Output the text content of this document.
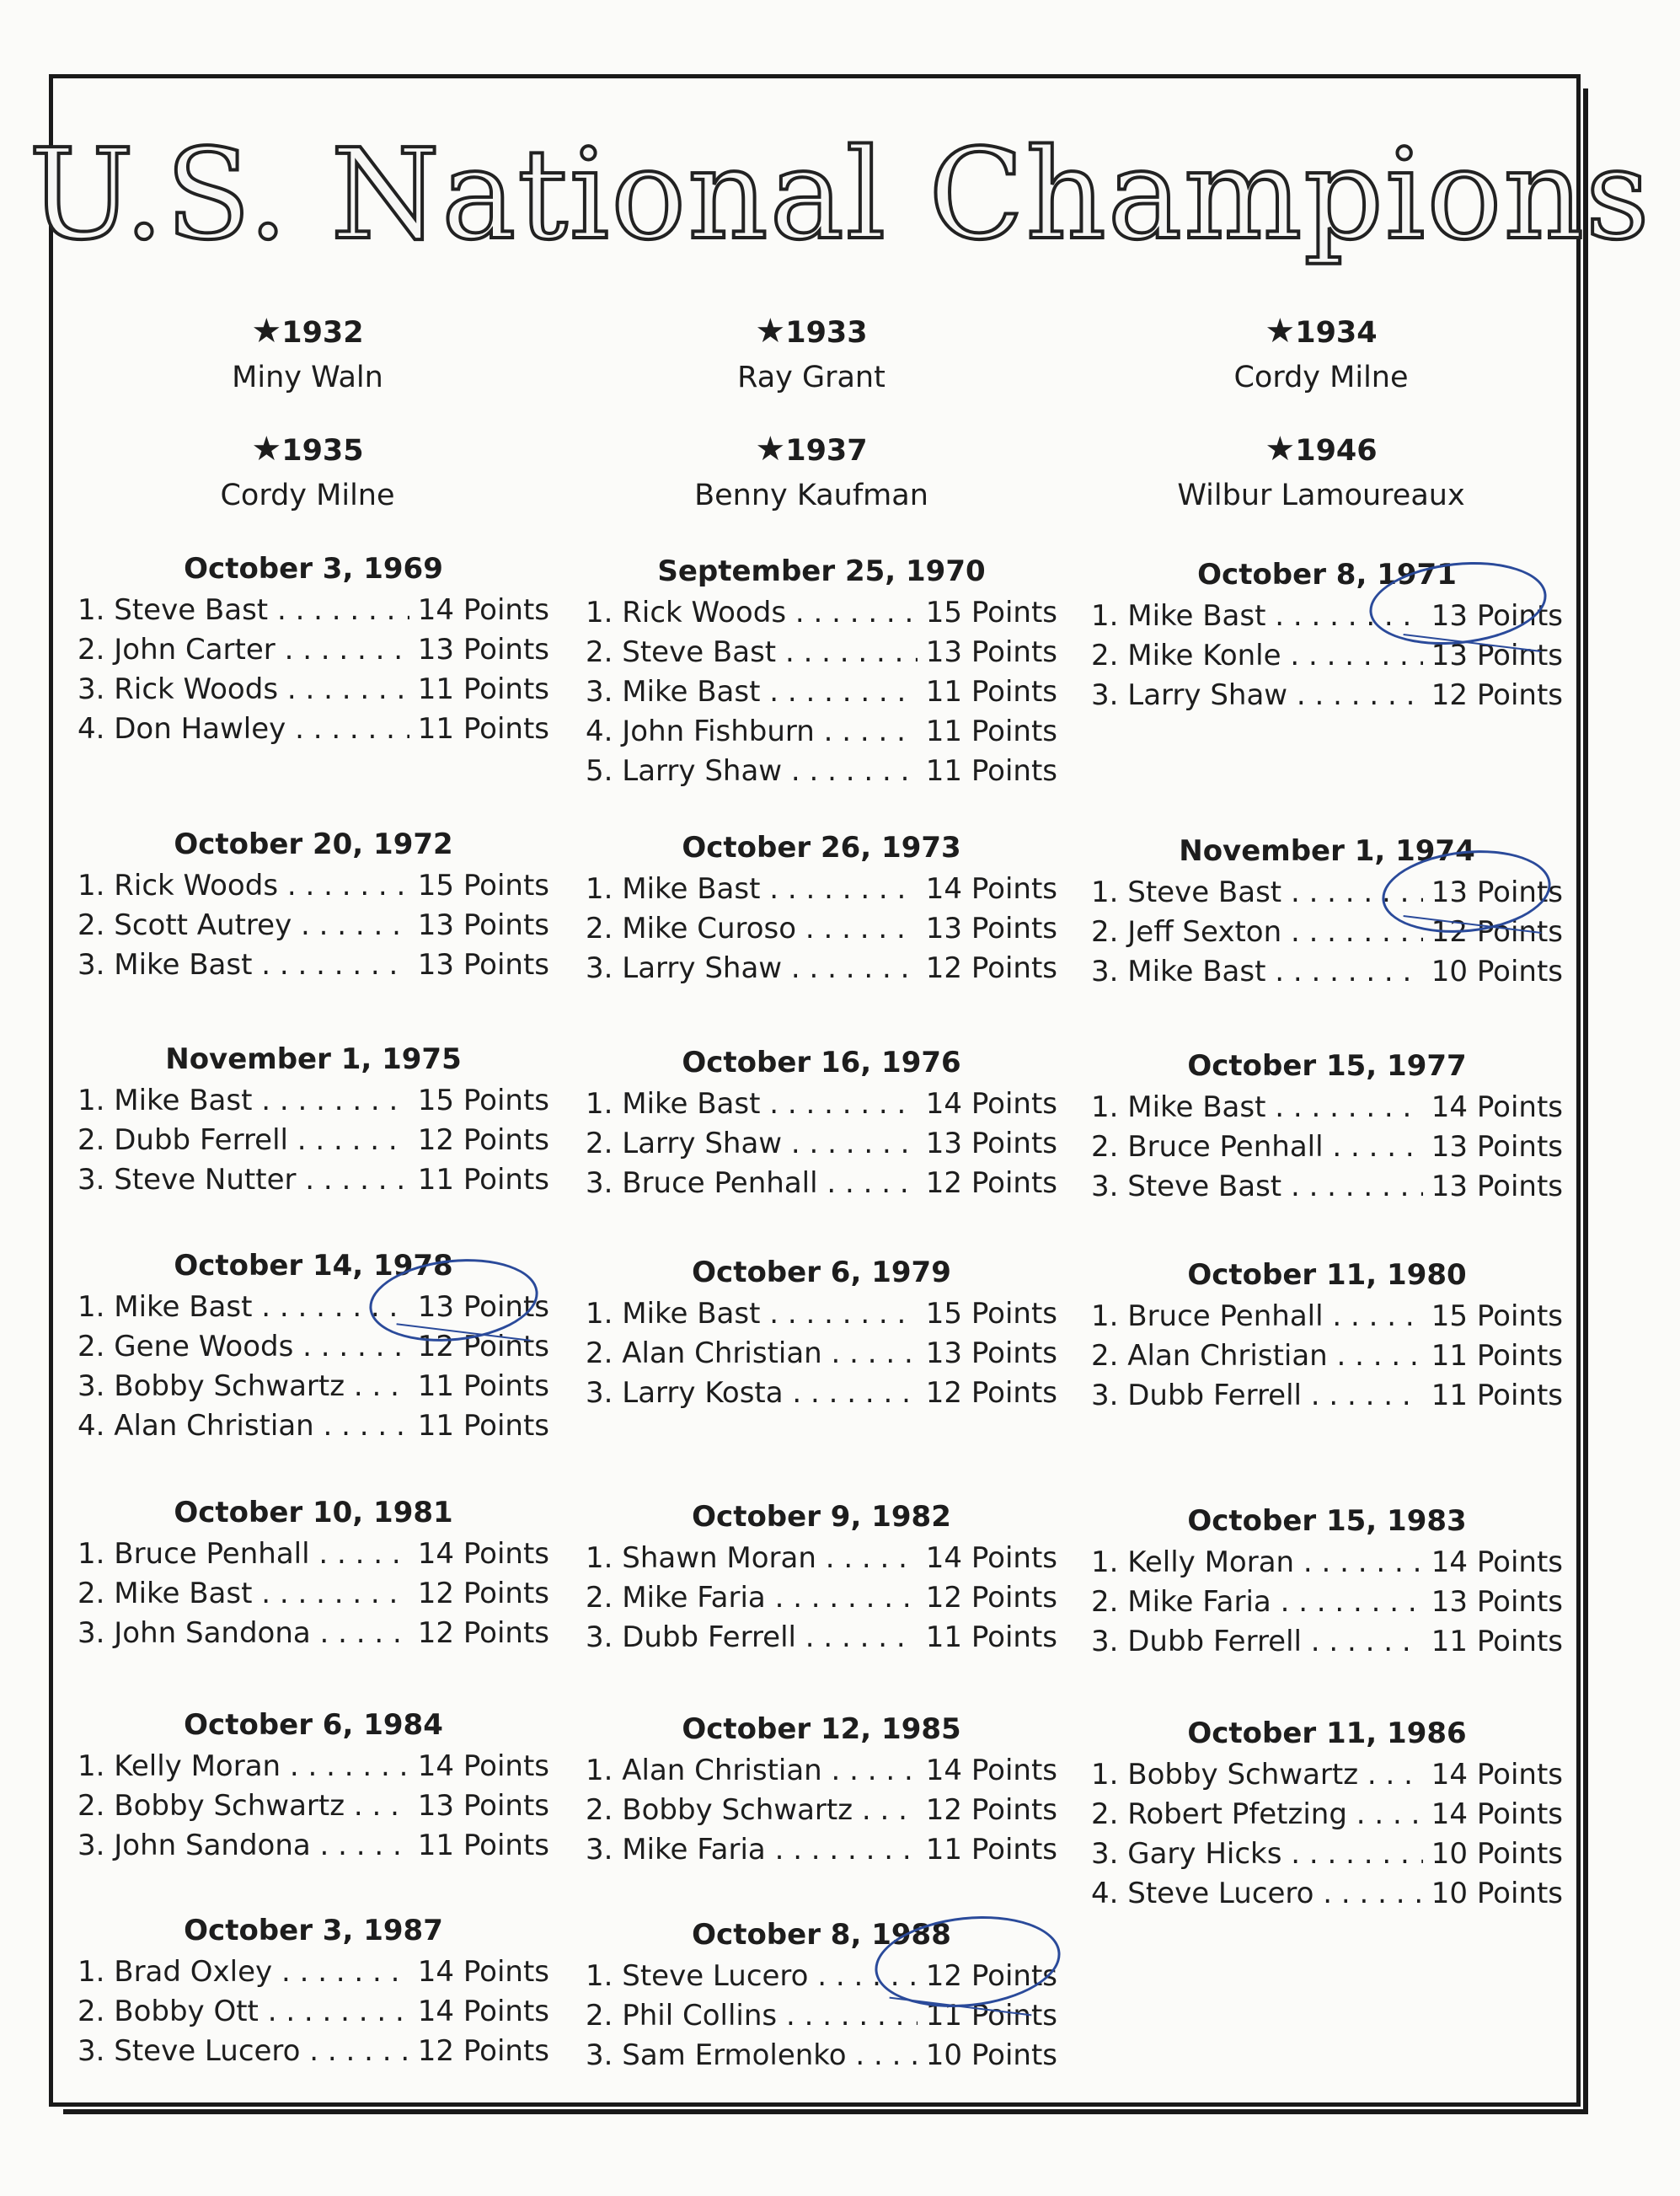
U.S. National Champions
★1932
Miny Waln
★1933
Ray Grant
★1934
Cordy Milne
★1935
Cordy Milne
★1937
Benny Kaufman
★1946
Wilbur Lamoureaux
October 3, 1969
1. Steve Bast . . .	14 Points
2. John Carter . . .	13 Points
3. Rick Woods . . .	11 Points
4. Don Hawley . . .	11 Points
September 25, 1970
1. Rick Woods . . .	15 Points
2. Steve Bast . . .	13 Points
3. Mike Bast . . .	11 Points
4. John Fishburn . . .	11 Points
5. Larry Shaw . . .	11 Points
October 8, 1971
1. Mike Bast . . .	13 Points
2. Mike Konle . . .	13 Points
3. Larry Shaw . . .	12 Points
October 20, 1972
1. Rick Woods . . .	15 Points
2. Scott Autrey . . .	13 Points
3. Mike Bast . . .	13 Points
October 26, 1973
1. Mike Bast . . .	14 Points
2. Mike Curoso . . .	13 Points
3. Larry Shaw . . .	12 Points
November 1, 1974
1. Steve Bast . . .	13 Points
2. Jeff Sexton . . .	12 Points
3. Mike Bast . . .	10 Points
November 1, 1975
1. Mike Bast . . .	15 Points
2. Dubb Ferrell . . .	12 Points
3. Steve Nutter . . .	11 Points
October 16, 1976
1. Mike Bast . . .	14 Points
2. Larry Shaw . . .	13 Points
3. Bruce Penhall . . .	12 Points
October 15, 1977
1. Mike Bast . . .	14 Points
2. Bruce Penhall . . .	13 Points
3. Steve Bast . . .	13 Points
October 14, 1978
1. Mike Bast . . .	13 Points
2. Gene Woods . . .	12 Points
3. Bobby Schwartz . . .	11 Points
4. Alan Christian . . .	11 Points
October 6, 1979
1. Mike Bast . . .	15 Points
2. Alan Christian . . .	13 Points
3. Larry Kosta . . .	12 Points
October 11, 1980
1. Bruce Penhall . . .	15 Points
2. Alan Christian . . .	11 Points
3. Dubb Ferrell . . .	11 Points
October 10, 1981
1. Bruce Penhall . . .	14 Points
2. Mike Bast . . .	12 Points
3. John Sandona . . .	12 Points
October 9, 1982
1. Shawn Moran . . .	14 Points
2. Mike Faria . . .	12 Points
3. Dubb Ferrell . . .	11 Points
October 15, 1983
1. Kelly Moran . . .	14 Points
2. Mike Faria . . .	13 Points
3. Dubb Ferrell . . .	11 Points
October 6, 1984
1. Kelly Moran . . .	14 Points
2. Bobby Schwartz . . .	13 Points
3. John Sandona . . .	11 Points
October 12, 1985
1. Alan Christian . . .	14 Points
2. Bobby Schwartz . . .	12 Points
3. Mike Faria . . .	11 Points
October 11, 1986
1. Bobby Schwartz . . .	14 Points
2. Robert Pfetzing . . .	14 Points
3. Gary Hicks . . .	10 Points
4. Steve Lucero . . .	10 Points
October 3, 1987
1. Brad Oxley . . .	14 Points
2. Bobby Ott . . .	14 Points
3. Steve Lucero . . .	12 Points
October 8, 1988
1. Steve Lucero . . .	12 Points
2. Phil Collins . . .	11 Points
3. Sam Ermolenko . . .	10 Points
